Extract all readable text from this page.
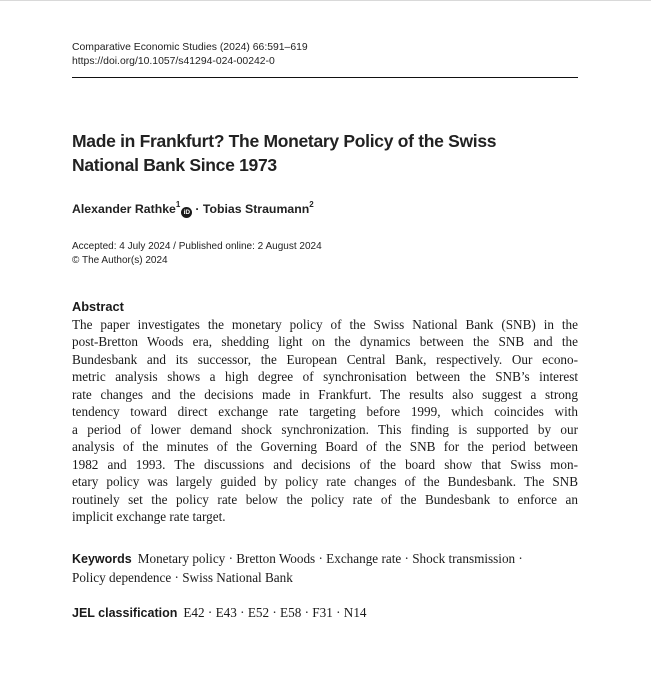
Comparative Economic Studies (2024) 66:591–619
https://doi.org/10.1057/s41294-024-00242-0
Made in Frankfurt? The Monetary Policy of the Swiss
National Bank Since 1973
Alexander Rathke$^1$iD · Tobias Straumann$^2$
Accepted: 4 July 2024 / Published online: 2 August 2024
© The Author(s) 2024
Abstract
The paper investigates the monetary policy of the Swiss National Bank (SNB) in the
post-Bretton Woods era, shedding light on the dynamics between the SNB and the
Bundesbank and its successor, the European Central Bank, respectively. Our econo-
metric analysis shows a high degree of synchronisation between the SNB’s interest
rate changes and the decisions made in Frankfurt. The results also suggest a strong
tendency toward direct exchange rate targeting before 1999, which coincides with
a period of lower demand shock synchronization. This finding is supported by our
analysis of the minutes of the Governing Board of the SNB for the period between
1982 and 1993. The discussions and decisions of the board show that Swiss mon-
etary policy was largely guided by policy rate changes of the Bundesbank. The SNB
routinely set the policy rate below the policy rate of the Bundesbank to enforce an
implicit exchange rate target.
Keywords Monetary policy · Bretton Woods · Exchange rate · Shock transmission ·
Policy dependence · Swiss National Bank
JEL classification E42 · E43 · E52 · E58 · F31 · N14
